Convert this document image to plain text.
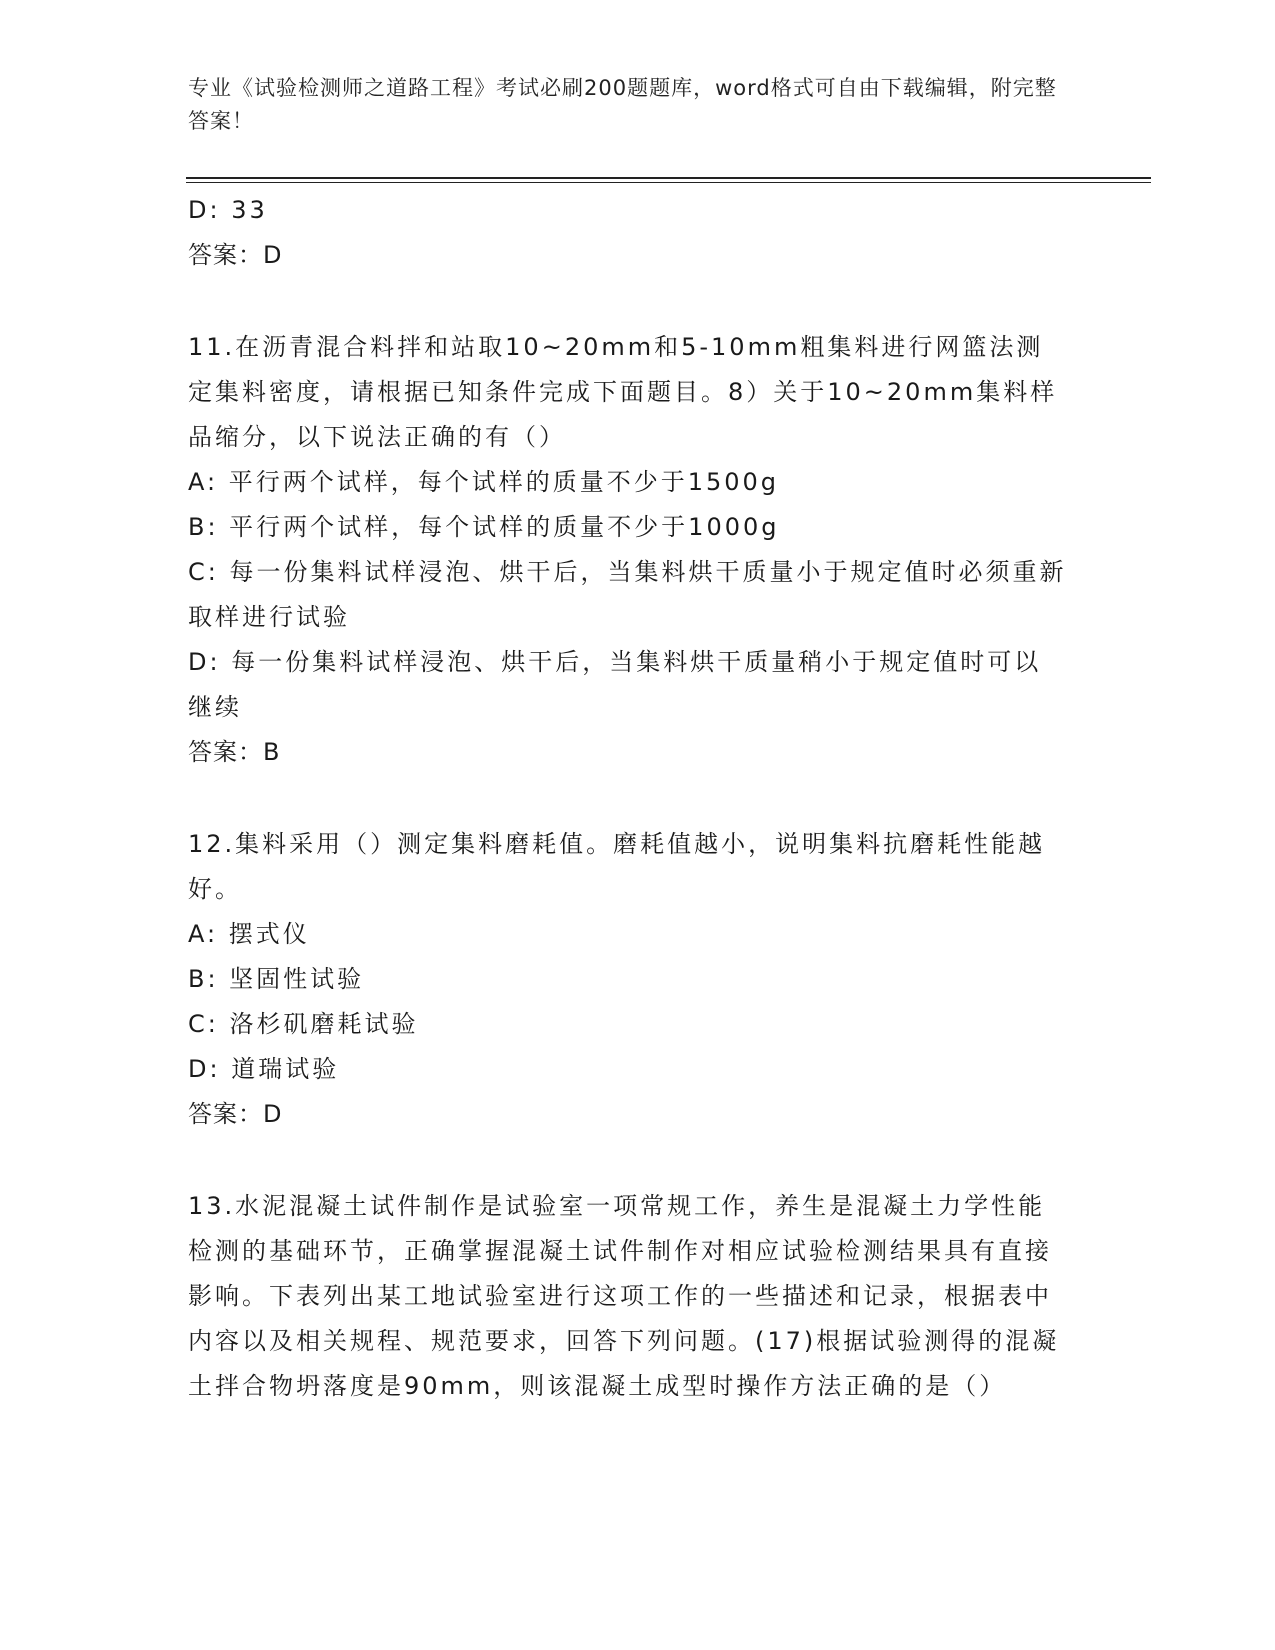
专业《试验检测师之道路工程》考试必刷200题题库，word格式可自由下载编辑，附完整答案！
D: 33
答案：D
11.在沥青混合料拌和站取10~20mm和5-10mm粗集料进行网篮法测定集料密度，请根据已知条件完成下面题目。8）关于10~20mm集料样品缩分，以下说法正确的有（）
A: 平行两个试样，每个试样的质量不少于1500g
B: 平行两个试样，每个试样的质量不少于1000g
C: 每一份集料试样浸泡、烘干后，当集料烘干质量小于规定值时必须重新取样进行试验
D: 每一份集料试样浸泡、烘干后，当集料烘干质量稍小于规定值时可以继续
答案：B
12.集料采用（）测定集料磨耗值。磨耗值越小，说明集料抗磨耗性能越好。
A: 摆式仪
B: 坚固性试验
C: 洛杉矶磨耗试验
D: 道瑞试验
答案：D
13.水泥混凝土试件制作是试验室一项常规工作，养生是混凝土力学性能检测的基础环节，正确掌握混凝土试件制作对相应试验检测结果具有直接影响。下表列出某工地试验室进行这项工作的一些描述和记录，根据表中内容以及相关规程、规范要求，回答下列问题。(17)根据试验测得的混凝土拌合物坍落度是90mm，则该混凝土成型时操作方法正确的是（）
